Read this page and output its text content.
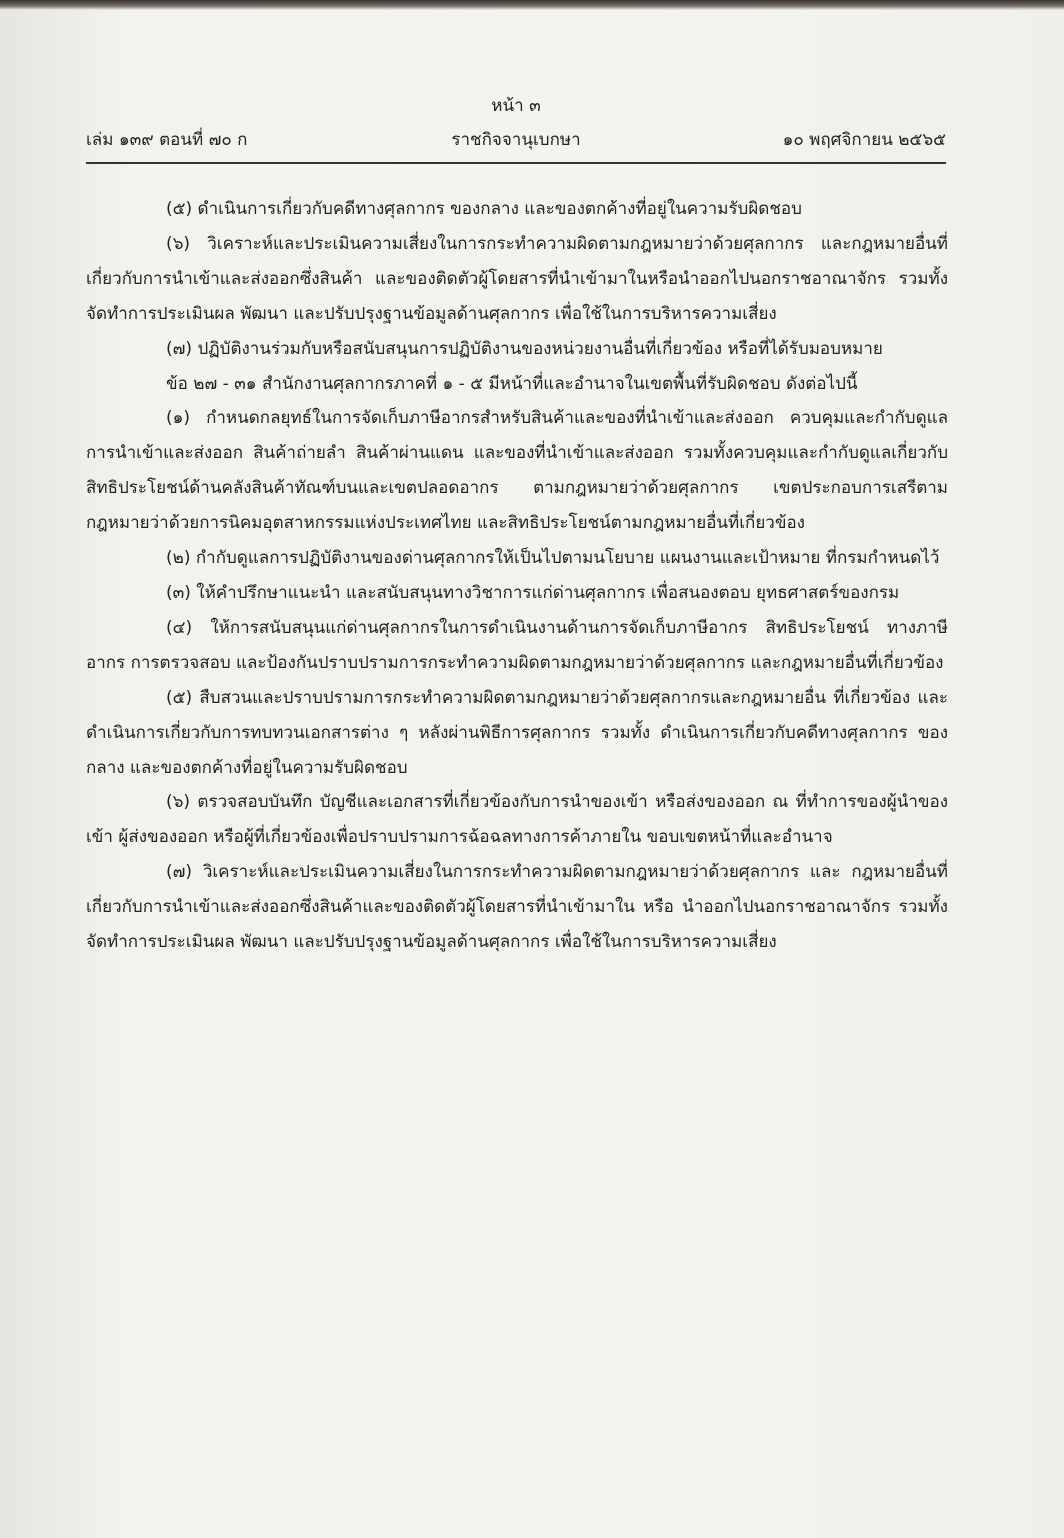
หน้า ๓
เล่ม ๑๓๙ ตอนที่ ๗๐ ก	ราชกิจจานุเบกษา	๑๐ พฤศจิกายน ๒๕๖๕

(๕) ดำเนินการเกี่ยวกับคดีทางศุลกากร ของกลาง และของตกค้างที่อยู่ในความรับผิดชอบ

(๖) วิเคราะห์และประเมินความเสี่ยงในการกระทำความผิดตามกฎหมายว่าด้วยศุลกากร และกฎหมายอื่นที่เกี่ยวกับการนำเข้าและส่งออกซึ่งสินค้า และของติดตัวผู้โดยสารที่นำเข้ามาในหรือนำออกไปนอกราชอาณาจักร รวมทั้งจัดทำการประเมินผล พัฒนา และปรับปรุงฐานข้อมูลด้านศุลกากร เพื่อใช้ในการบริหารความเสี่ยง

(๗) ปฏิบัติงานร่วมกับหรือสนับสนุนการปฏิบัติงานของหน่วยงานอื่นที่เกี่ยวข้อง หรือที่ได้รับมอบหมาย

ข้อ ๒๗ - ๓๑ สำนักงานศุลกากรภาคที่ ๑ - ๕ มีหน้าที่และอำนาจในเขตพื้นที่รับผิดชอบ ดังต่อไปนี้

(๑) กำหนดกลยุทธ์ในการจัดเก็บภาษีอากรสำหรับสินค้าและของที่นำเข้าและส่งออก ควบคุมและกำกับดูแลการนำเข้าและส่งออก สินค้าถ่ายลำ สินค้าผ่านแดน และของที่นำเข้าและส่งออก รวมทั้งควบคุมและกำกับดูแลเกี่ยวกับสิทธิประโยชน์ด้านคลังสินค้าทัณฑ์บนและเขตปลอดอากร ตามกฎหมายว่าด้วยศุลกากร เขตประกอบการเสรีตามกฎหมายว่าด้วยการนิคมอุตสาหกรรมแห่งประเทศไทย และสิทธิประโยชน์ตามกฎหมายอื่นที่เกี่ยวข้อง

(๒) กำกับดูแลการปฏิบัติงานของด่านศุลกากรให้เป็นไปตามนโยบาย แผนงานและเป้าหมาย ที่กรมกำหนดไว้

(๓) ให้คำปรึกษาแนะนำ และสนับสนุนทางวิชาการแก่ด่านศุลกากร เพื่อสนองตอบ ยุทธศาสตร์ของกรม

(๔) ให้การสนับสนุนแก่ด่านศุลกากรในการดำเนินงานด้านการจัดเก็บภาษีอากร สิทธิประโยชน์ ทางภาษีอากร การตรวจสอบ และป้องกันปราบปรามการกระทำความผิดตามกฎหมายว่าด้วยศุลกากร และกฎหมายอื่นที่เกี่ยวข้อง

(๕) สืบสวนและปราบปรามการกระทำความผิดตามกฎหมายว่าด้วยศุลกากรและกฎหมายอื่น ที่เกี่ยวข้อง และดำเนินการเกี่ยวกับการทบทวนเอกสารต่าง ๆ หลังผ่านพิธีการศุลกากร รวมทั้ง ดำเนินการเกี่ยวกับคดีทางศุลกากร ของกลาง และของตกค้างที่อยู่ในความรับผิดชอบ

(๖) ตรวจสอบบันทึก บัญชีและเอกสารที่เกี่ยวข้องกับการนำของเข้า หรือส่งของออก ณ ที่ทำการของผู้นำของเข้า ผู้ส่งของออก หรือผู้ที่เกี่ยวข้องเพื่อปราบปรามการฉ้อฉลทางการค้าภายใน ขอบเขตหน้าที่และอำนาจ

(๗) วิเคราะห์และประเมินความเสี่ยงในการกระทำความผิดตามกฎหมายว่าด้วยศุลกากร และ กฎหมายอื่นที่เกี่ยวกับการนำเข้าและส่งออกซึ่งสินค้าและของติดตัวผู้โดยสารที่นำเข้ามาใน หรือ นำออกไปนอกราชอาณาจักร รวมทั้งจัดทำการประเมินผล พัฒนา และปรับปรุงฐานข้อมูลด้านศุลกากร เพื่อใช้ในการบริหารความเสี่ยง
